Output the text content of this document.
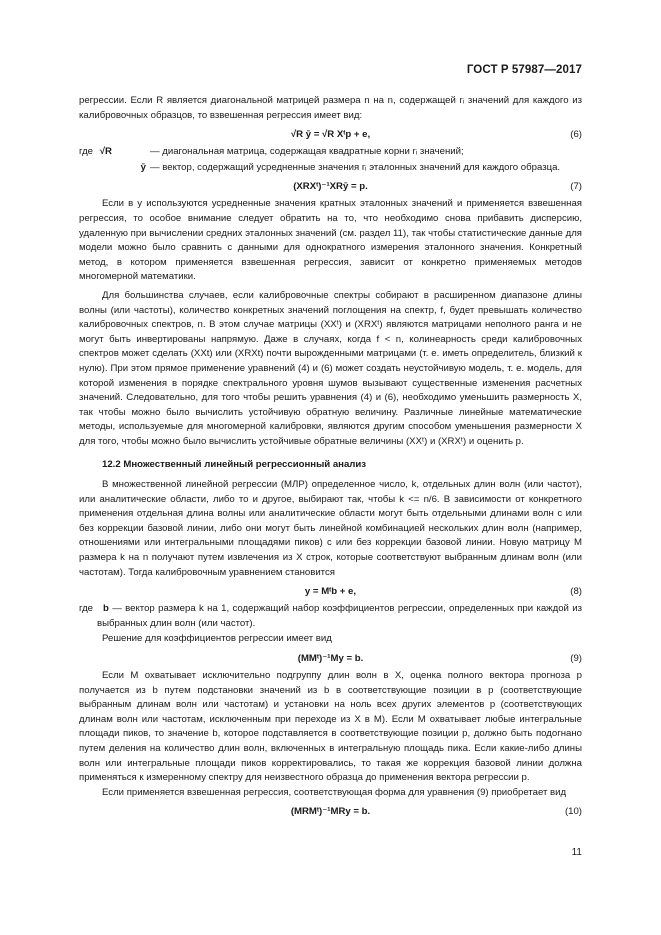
ГОСТ Р 57987—2017

регрессии. Если R является диагональной матрицей размера n на n, содержащей rᵢ значений для каждого из калибровочных образцов, то взвешенная регрессия имеет вид:

√R ȳ = √R Xᵗp + e,	(6)
где √R	— диагональная матрица, содержащая квадратные корни rᵢ значений;
ȳ — вектор, содержащий усредненные значения rᵢ эталонных значений для каждого образца.
(XRXᵗ)⁻¹XRȳ = p.	(7)

Если в y используются усредненные значения кратных эталонных значений и применяется взвешенная регрессия, то особое внимание следует обратить на то, что необходимо снова прибавить дисперсию, удаленную при вычислении средних эталонных значений (см. раздел 11), так чтобы статистические данные для модели можно было сравнить с данными для однократного измерения эталонного значения. Конкретный метод, в котором применяется взвешенная регрессия, зависит от конкретно применяемых методов многомерной математики.

Для большинства случаев, если калибровочные спектры собирают в расширенном диапазоне длины волны (или частоты), количество конкретных значений поглощения на спектр, f, будет превышать количество калибровочных спектров, n. В этом случае матрицы (XXᵗ) и (XRXᵗ) являются матрицами неполного ранга и не могут быть инвертированы напрямую. Даже в случаях, когда f < n, колинеарность среди калибровочных спектров может сделать (XXt) или (XRXt) почти вырожденными матрицами (т. е. иметь определитель, близкий к нулю). При этом прямое применение уравнений (4) и (6) может создать неустойчивую модель, т. е. модель, для которой изменения в порядке спектрального уровня шумов вызывают существенные изменения расчетных значений. Следовательно, для того чтобы решить уравнения (4) и (6), необходимо уменьшить размерность X, так чтобы можно было вычислить устойчивую обратную величину. Различные линейные математические методы, используемые для многомерной калибровки, являются другим способом уменьшения размерности X для того, чтобы можно было вычислить устойчивые обратные величины (XXᵗ) и (XRXᵗ) и оценить p.

12.2 Множественный линейный регрессионный анализ

В множественной линейной регрессии (МЛР) определенное число, k, отдельных длин волн (или частот), или аналитические области, либо то и другое, выбирают так, чтобы k <= n/6. В зависимости от конкретного применения отдельная длина волны или аналитические области могут быть отдельными длинами волн с или без коррекции базовой линии, либо они могут быть линейной комбинацией нескольких длин волн (например, отношениями или интегральными площадями пиков) с или без коррекции базовой линии. Новую матрицу M размера k на n получают путем извлечения из X строк, которые соответствуют выбранным длинам волн (или частотам). Тогда калибровочным уравнением становится

y = Mᵗb + e,	(8)
где	b — вектор размера k на 1, содержащий набор коэффициентов регрессии, определенных при каждой из выбранных длин волн (или частот).

Решение для коэффициентов регрессии имеет вид

(MMᵗ)⁻¹My = b.	(9)

Если M охватывает исключительно подгруппу длин волн в X, оценка полного вектора прогноза p получается из b путем подстановки значений из b в соответствующие позиции в p (соответствующие выбранным длинам волн или частотам) и установки на ноль всех других элементов p (соответствующих длинам волн или частотам, исключенным при переходе из X в M). Если M охватывает любые интегральные площади пиков, то значение b, которое подставляется в соответствующие позиции p, должно быть подогнано путем деления на количество длин волн, включенных в интегральную площадь пика. Если какие-либо длины волн или интегральные площади пиков корректировались, то такая же коррекция базовой линии должна применяться к измеренному спектру для неизвестного образца до применения вектора регрессии p.

Если применяется взвешенная регрессия, соответствующая форма для уравнения (9) приобретает вид

(MRMᵗ)⁻¹MRy = b.	(10)
11
